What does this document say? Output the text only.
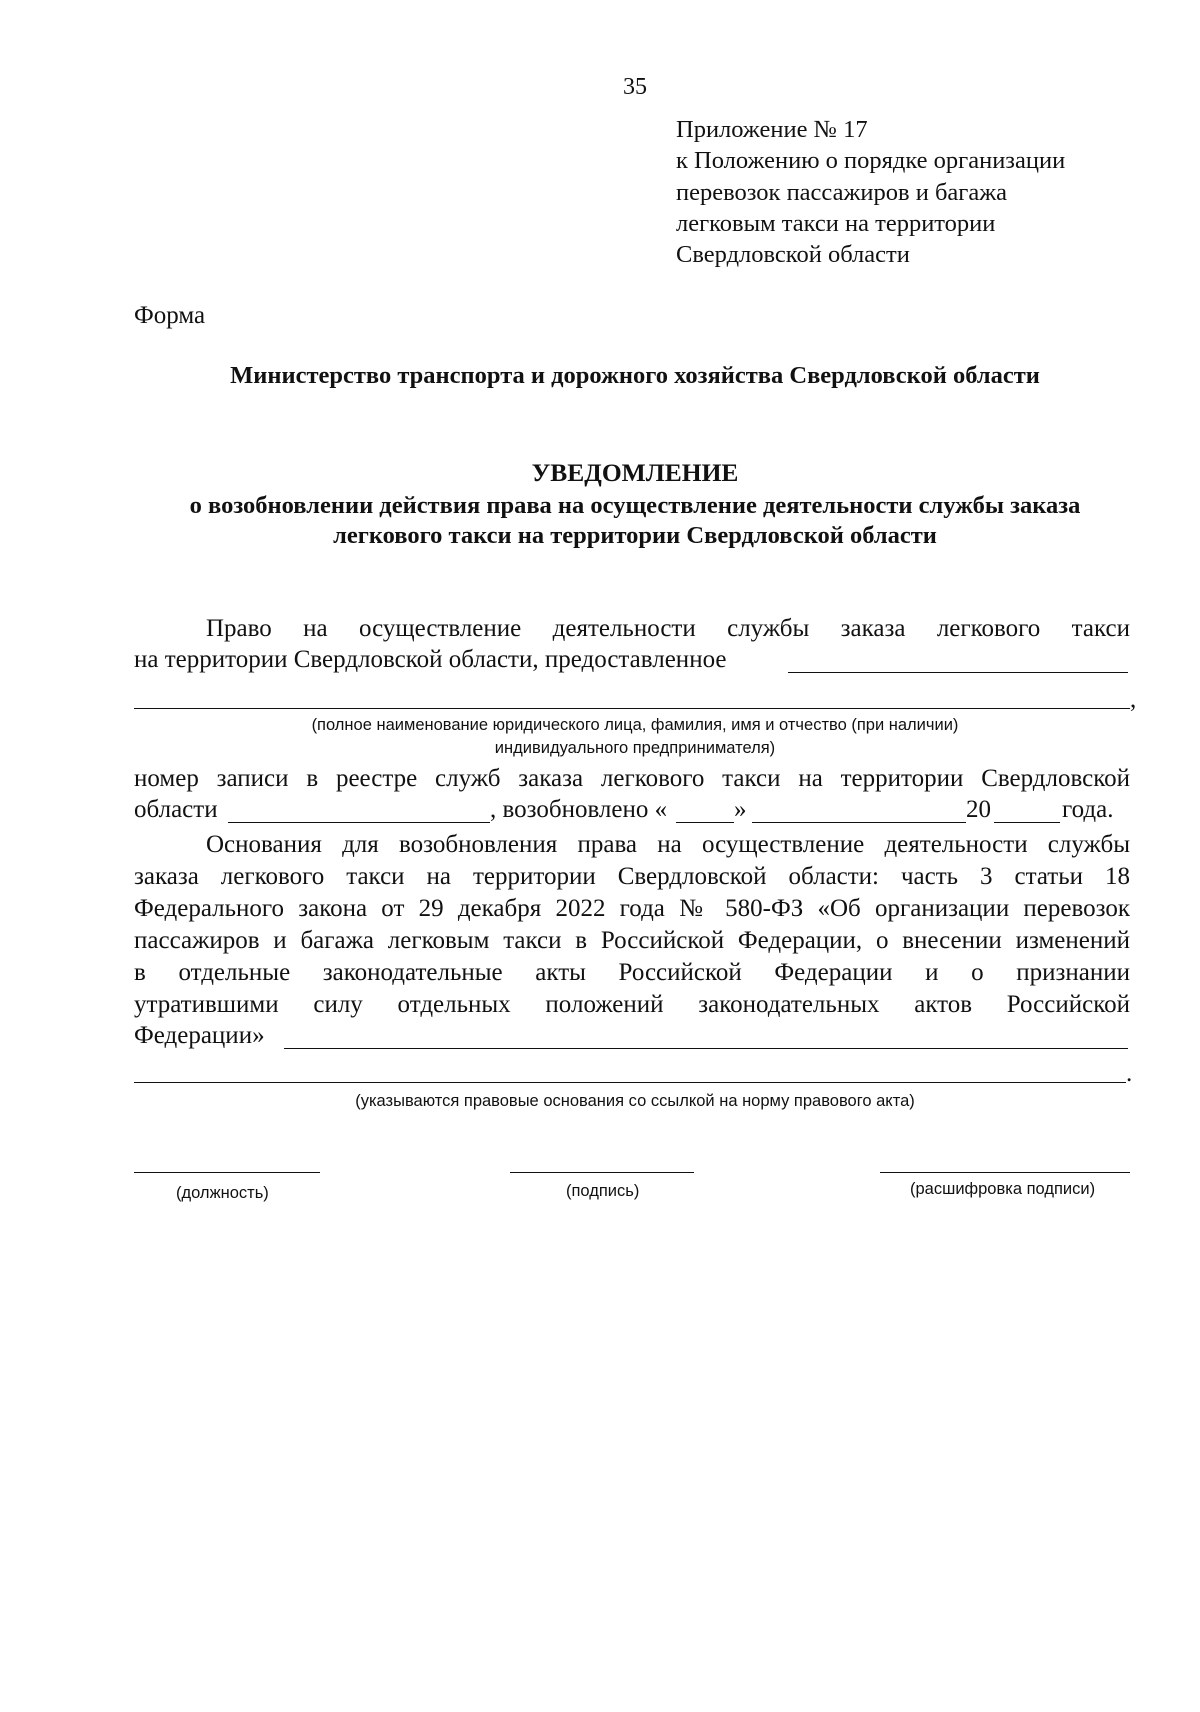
35
Приложение № 17
к Положению о порядке организации
перевозок пассажиров и багажа
легковым такси на территории
Свердловской области
Форма
Министерство транспорта и дорожного хозяйства Свердловской области
УВЕДОМЛЕНИЕ
о возобновлении действия права на осуществление деятельности службы заказа
легкового такси на территории Свердловской области
Право на осуществление деятельности службы заказа легкового такси
на территории Свердловской области, предоставленное
,
(полное наименование юридического лица, фамилия, имя и отчество (при наличии)
индивидуального предпринимателя)
номер записи в реестре служб заказа легкового такси на территории Свердловской
области	, возобновлено «	»	20	года.
Основания для возобновления права на осуществление деятельности службы
заказа легкового такси на территории Свердловской области: часть 3 статьи 18
Федерального закона от 29 декабря 2022 года № 580-ФЗ «Об организации перевозок
пассажиров и багажа легковым такси в Российской Федерации, о внесении изменений
в отдельные законодательные акты Российской Федерации и о признании
утратившими силу отдельных положений законодательных актов Российской
Федерации»
.
(указываются правовые основания со ссылкой на норму правового акта)
(должность)	(подпись)	(расшифровка подписи)
